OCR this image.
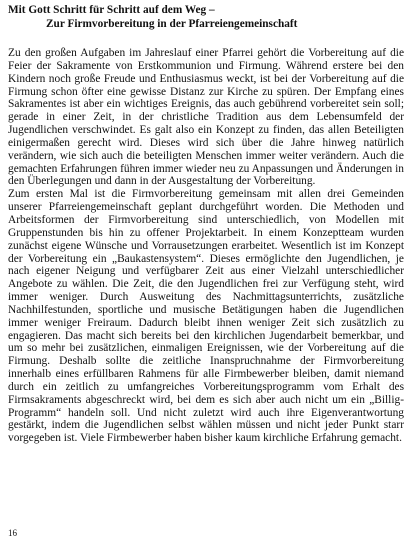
Mit Gott Schritt für Schritt auf dem Weg –

Zur Firmvorbereitung in der Pfarreiengemeinschaft

Zu den großen Aufgaben im Jahreslauf einer Pfarrei gehört die Vorbereitung auf die Feier der Sakramente von Erstkommunion und Firmung. Während erstere bei den Kindern noch große Freude und Enthusiasmus weckt, ist bei der Vorbereitung auf die Firmung schon öfter eine gewisse Distanz zur Kirche zu spüren. Der Empfang eines Sakramentes ist aber ein wichtiges Ereignis, das auch gebührend vorbereitet sein soll; gerade in einer Zeit, in der christliche Tradition aus dem Lebensumfeld der Jugendlichen verschwindet. Es galt also ein Konzept zu finden, das allen Beteiligten einigermaßen gerecht wird. Dieses wird sich über die Jahre hinweg natürlich verändern, wie sich auch die beteiligten Menschen immer weiter verändern. Auch die gemachten Erfahrungen führen immer wieder neu zu Anpassungen und Änderungen in den Überlegungen und dann in der Ausgestaltung der Vorbereitung.

Zum ersten Mal ist die Firmvorbereitung gemeinsam mit allen drei Gemeinden unserer Pfarreiengemeinschaft geplant durchgeführt worden. Die Methoden und Arbeitsformen der Firmvorbereitung sind unterschiedlich, von Modellen mit Gruppenstunden bis hin zu offener Projektarbeit. In einem Konzeptteam wurden zunächst eigene Wünsche und Vorrausetzungen erarbeitet. Wesentlich ist im Konzept der Vorbereitung ein „Baukastensystem“. Dieses ermöglichte den Jugendlichen, je nach eigener Neigung und verfügbarer Zeit aus einer Vielzahl unterschiedlicher Angebote zu wählen. Die Zeit, die den Jugendlichen frei zur Verfügung steht, wird immer weniger. Durch Ausweitung des Nachmittagsunterrichts, zusätzliche Nachhilfestunden, sportliche und musische Betätigungen haben die Jugendlichen immer weniger Freiraum. Dadurch bleibt ihnen weniger Zeit sich zusätzlich zu engagieren. Das macht sich bereits bei den kirchlichen Jugendarbeit bemerkbar, und um so mehr bei zusätzlichen, einmaligen Ereignissen, wie der Vorbereitung auf die Firmung. Deshalb sollte die zeitliche Inanspruchnahme der Firmvorbereitung innerhalb eines erfüllbaren Rahmens für alle Firmbewerber bleiben, damit niemand durch ein zeitlich zu umfangreiches Vorbereitungsprogramm vom Erhalt des Firmsakraments abgeschreckt wird, bei dem es sich aber auch nicht um ein „Billig-Programm“ handeln soll. Und nicht zuletzt wird auch ihre Eigenverantwortung gestärkt, indem die Jugendlichen selbst wählen müssen und nicht jeder Punkt starr vorgegeben ist. Viele Firmbewerber haben bisher kaum kirchliche Erfahrung gemacht.

16
